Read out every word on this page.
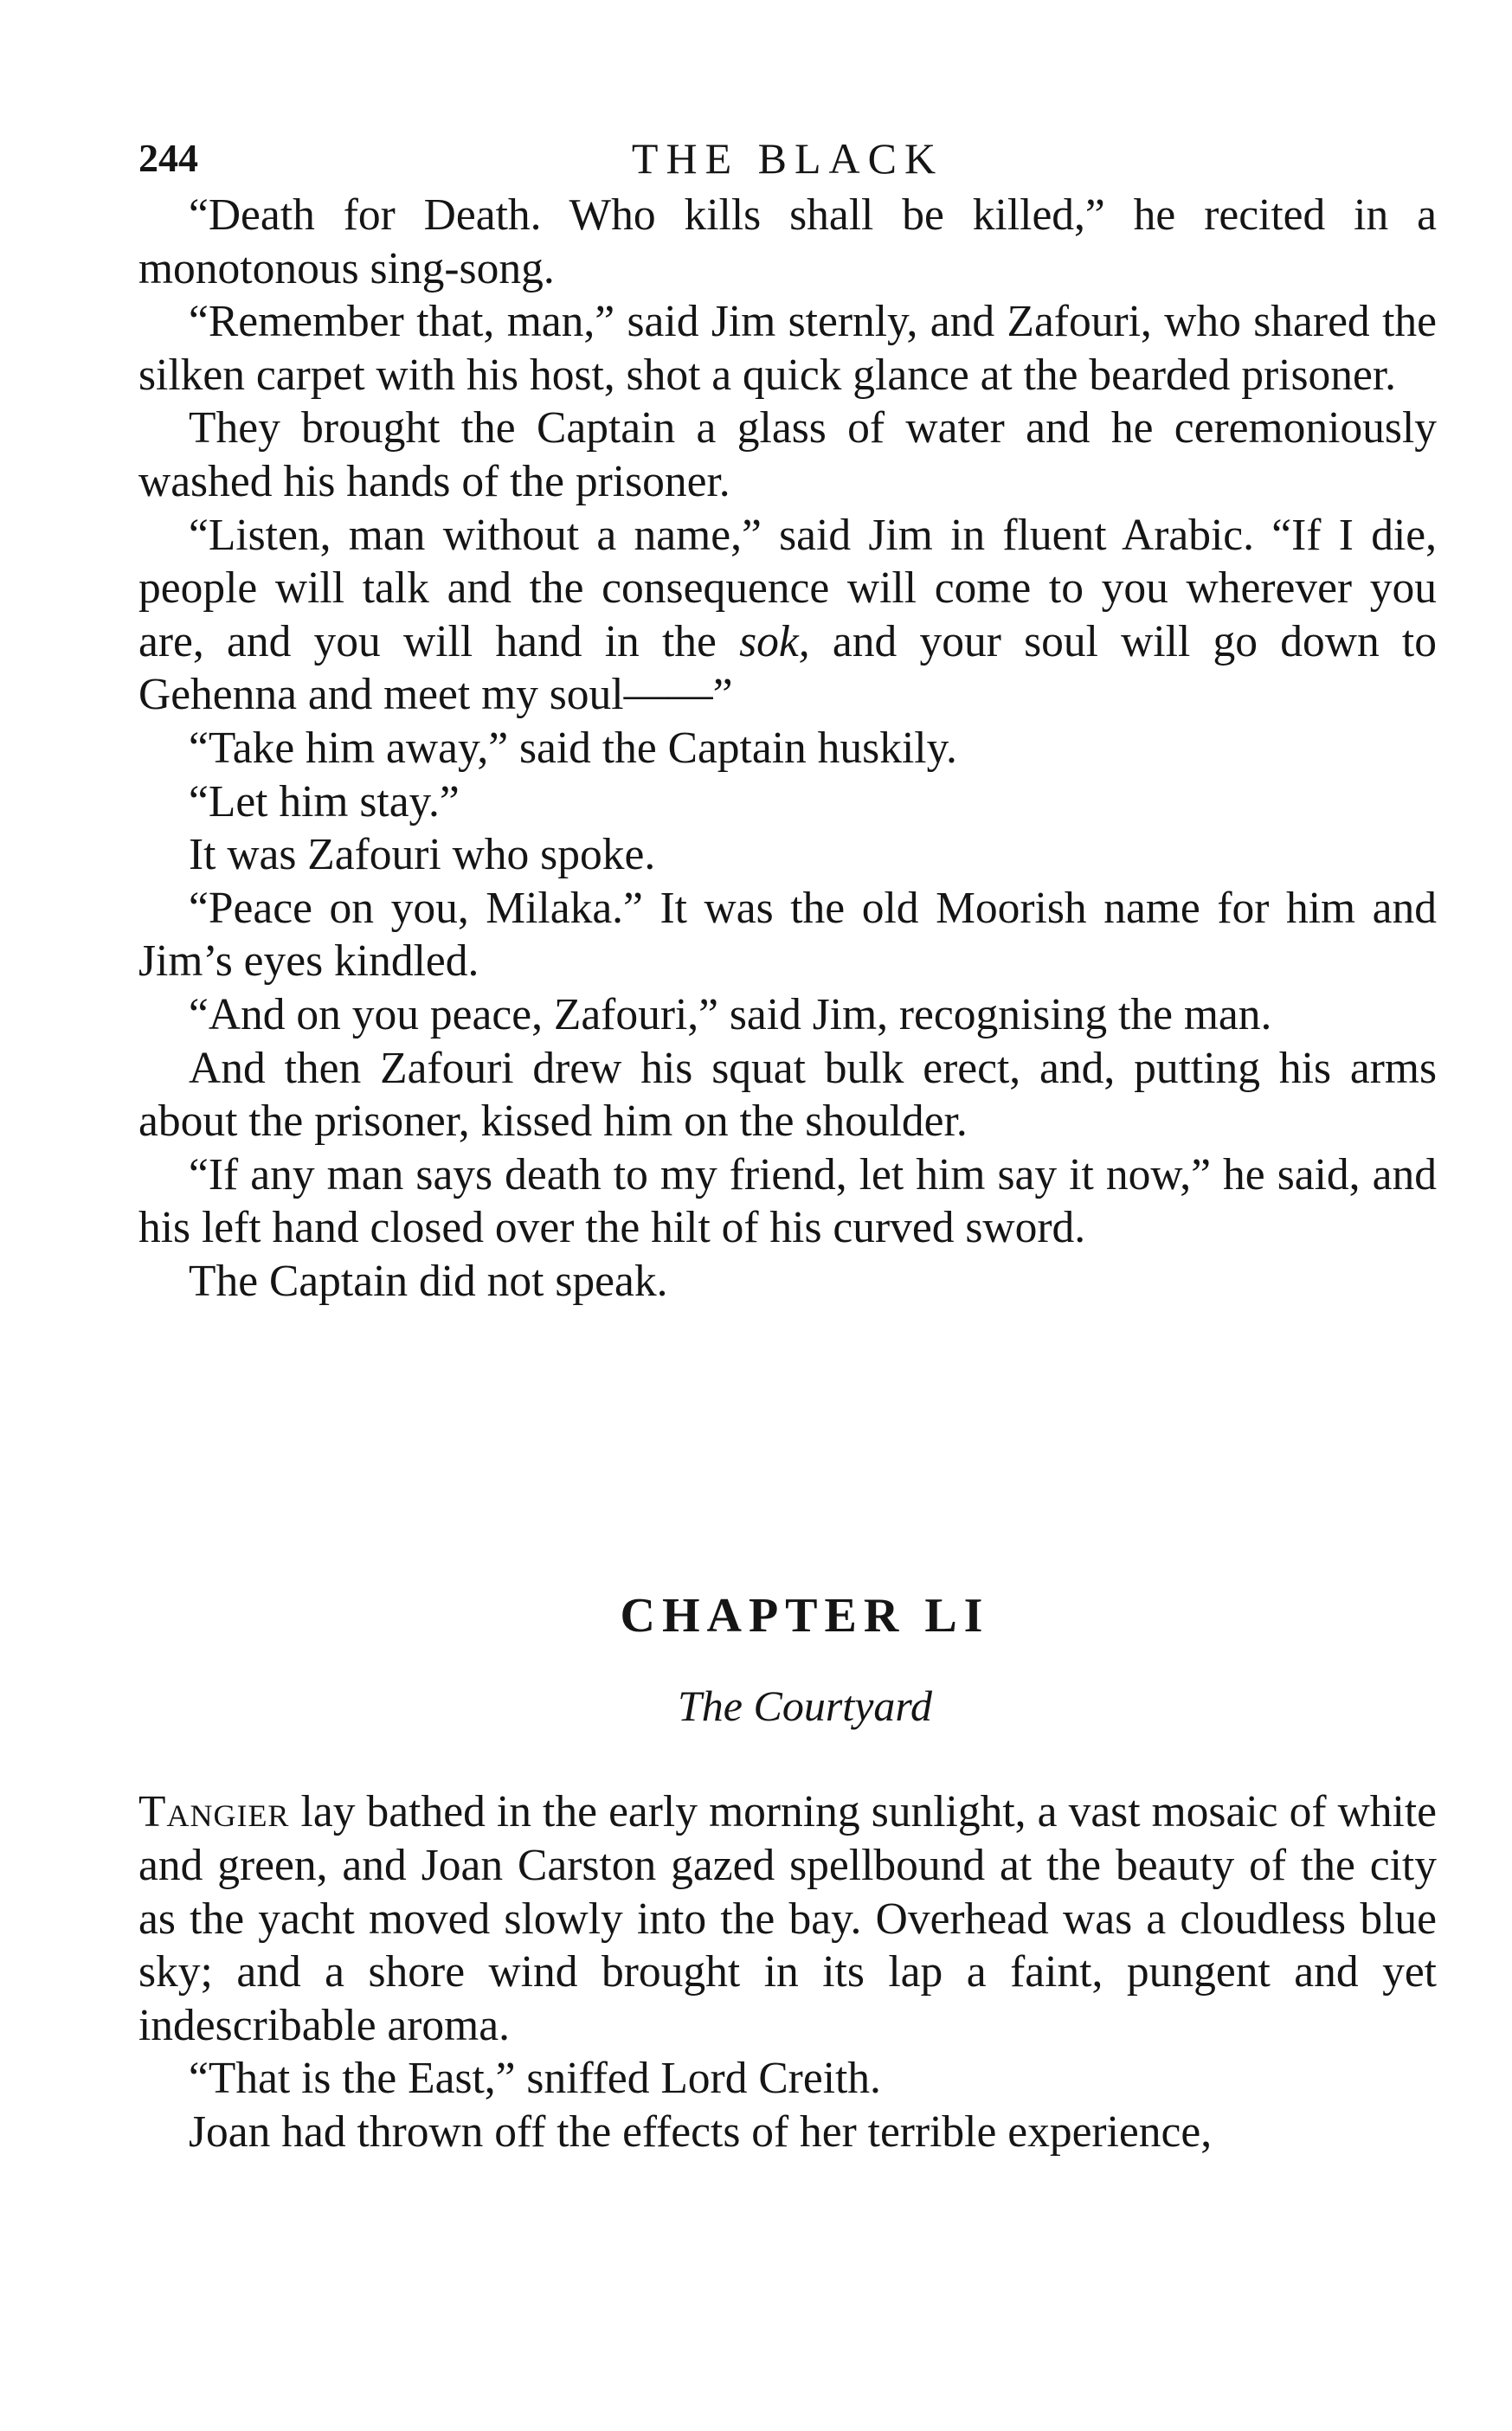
244	THE BLACK

“Death for Death. Who kills shall be killed,” he recited in a monotonous sing-song.

“Remember that, man,” said Jim sternly, and Zafouri, who shared the silken carpet with his host, shot a quick glance at the bearded prisoner.

They brought the Captain a glass of water and he ceremoniously washed his hands of the prisoner.

“Listen, man without a name,” said Jim in fluent Arabic. “If I die, people will talk and the consequence will come to you wherever you are, and you will hand in the sok, and your soul will go down to Gehenna and meet my soul——”

“Take him away,” said the Captain huskily.

“Let him stay.”

It was Zafouri who spoke.

“Peace on you, Milaka.” It was the old Moorish name for him and Jim’s eyes kindled.

“And on you peace, Zafouri,” said Jim, recognising the man.

And then Zafouri drew his squat bulk erect, and, putting his arms about the prisoner, kissed him on the shoulder.

“If any man says death to my friend, let him say it now,” he said, and his left hand closed over the hilt of his curved sword.

The Captain did not speak.

CHAPTER LI
The Courtyard

Tangier lay bathed in the early morning sunlight, a vast mosaic of white and green, and Joan Carston gazed spellbound at the beauty of the city as the yacht moved slowly into the bay. Overhead was a cloudless blue sky; and a shore wind brought in its lap a faint, pungent and yet indescribable aroma.

“That is the East,” sniffed Lord Creith.

Joan had thrown off the effects of her terrible experience,
